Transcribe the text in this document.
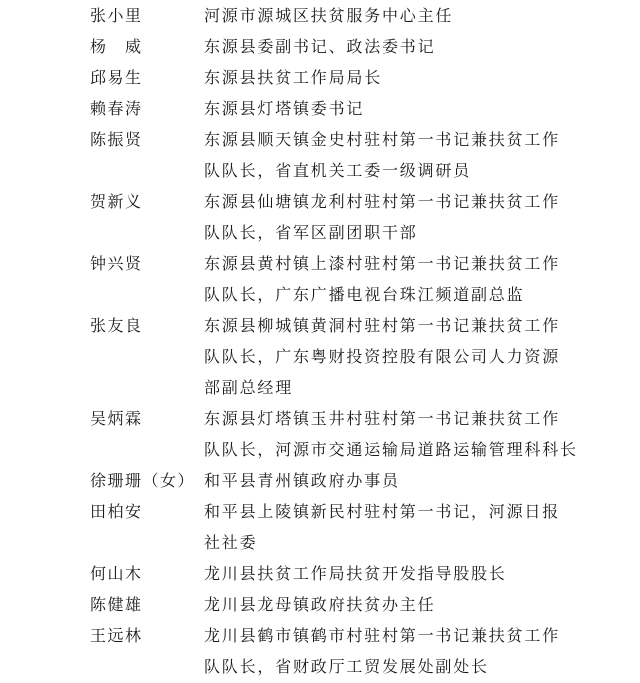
张小里	河源市源城区扶贫服务中心主任
杨　威	东源县委副书记、政法委书记
邱易生	东源县扶贫工作局局长
赖春涛	东源县灯塔镇委书记
陈振贤	东源县顺天镇金史村驻村第一书记兼扶贫工作
队队长，省直机关工委一级调研员
贺新义	东源县仙塘镇龙利村驻村第一书记兼扶贫工作
队队长，省军区副团职干部
钟兴贤	东源县黄村镇上漆村驻村第一书记兼扶贫工作
队队长，广东广播电视台珠江频道副总监
张友良	东源县柳城镇黄洞村驻村第一书记兼扶贫工作
队队长，广东粤财投资控股有限公司人力资源
部副总经理
吴炳霖	东源县灯塔镇玉井村驻村第一书记兼扶贫工作
队队长，河源市交通运输局道路运输管理科科长
徐珊珊（女） 和平县青州镇政府办事员
田柏安	和平县上陵镇新民村驻村第一书记，河源日报
社社委
何山木	龙川县扶贫工作局扶贫开发指导股股长
陈健雄	龙川县龙母镇政府扶贫办主任
王远林	龙川县鹤市镇鹤市村驻村第一书记兼扶贫工作
队队长，省财政厅工贸发展处副处长
